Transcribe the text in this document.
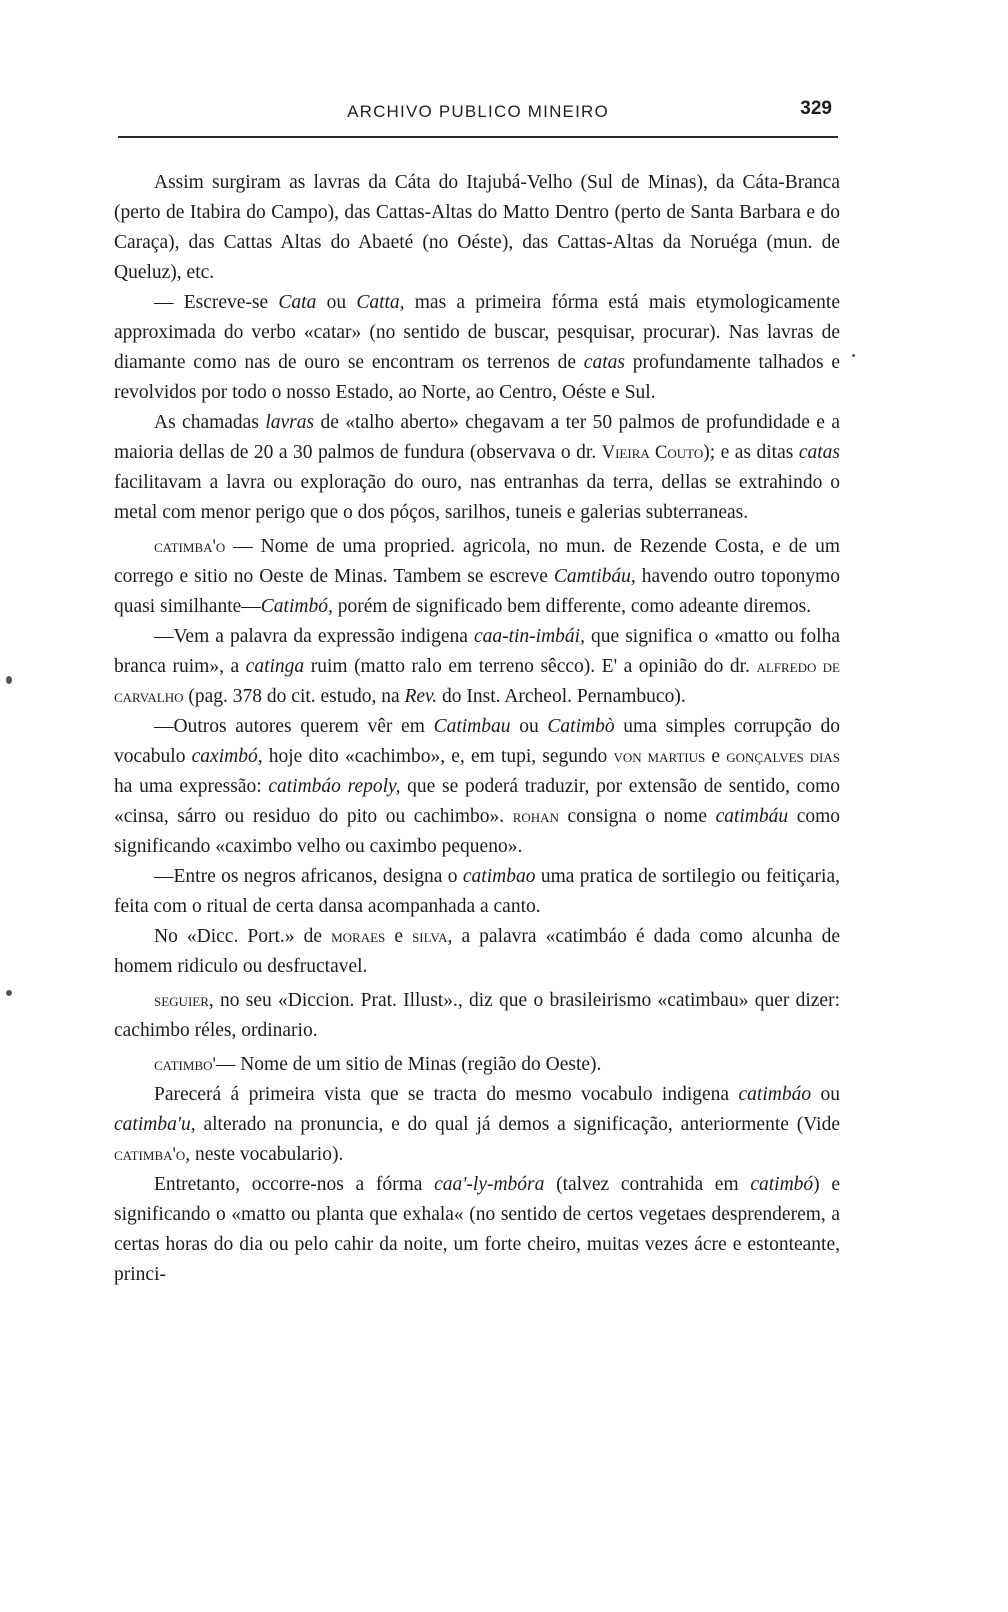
ARCHIVO PUBLICO MINEIRO	329

Assim surgiram as lavras da Cáta do Itajubá-Velho (Sul de Minas), da Cáta-Branca (perto de Itabira do Campo), das Cattas-Altas do Matto Dentro (perto de Santa Barbara e do Caraça), das Cattas Altas do Abaeté (no Oéste), das Cattas-Altas da Noruéga (mun. de Queluz), etc.

— Escreve-se Cata ou Catta, mas a primeira fórma está mais etymologicamente approximada do verbo «catar» (no sentido de buscar, pesquisar, procurar). Nas lavras de diamante como nas de ouro se encontram os terrenos de catas profundamente talhados e revolvidos por todo o nosso Estado, ao Norte, ao Centro, Oéste e Sul.

As chamadas lavras de «talho aberto» chegavam a ter 50 palmos de profundidade e a maioria dellas de 20 a 30 palmos de fundura (observava o dr. Vieira Couto); e as ditas catas facilitavam a lavra ou exploração do ouro, nas entranhas da terra, dellas se extrahindo o metal com menor perigo que o dos póços, sarilhos, tuneis e galerias subterraneas.

catimba'o — Nome de uma propried. agricola, no mun. de Rezende Costa, e de um corrego e sitio no Oeste de Minas. Tambem se escreve Camtibáu, havendo outro toponymo quasi similhante—Catimbó, porém de significado bem differente, como adeante diremos.

—Vem a palavra da expressão indigena caa-tin-imbái, que significa o «matto ou folha branca ruim», a catinga ruim (matto ralo em terreno sêcco). E' a opinião do dr. alfredo de carvalho (pag. 378 do cit. estudo, na Rev. do Inst. Archeol. Pernambuco).

—Outros autores querem vêr em Catimbau ou Catimbò uma simples corrupção do vocabulo caximbó, hoje dito «cachimbo», e, em tupi, segundo von martius e gonçalves dias ha uma expressão: catimbáo repoly, que se poderá traduzir, por extensão de sentido, como «cinsa, sárro ou residuo do pito ou cachimbo». rohan consigna o nome catimbáu como significando «caximbo velho ou caximbo pequeno».

—Entre os negros africanos, designa o catimbao uma pratica de sortilegio ou feitiçaria, feita com o ritual de certa dansa acompanhada a canto.

No «Dicc. Port.» de moraes e silva, a palavra «catimbáo é dada como alcunha de homem ridiculo ou desfructavel.

seguier, no seu «Diccion. Prat. Illust»., diz que o brasileirismo «catimbau» quer dizer: cachimbo réles, ordinario.

catimbo'— Nome de um sitio de Minas (região do Oeste).

Parecerá á primeira vista que se tracta do mesmo vocabulo indigena catimbáo ou catimba'u, alterado na pronuncia, e do qual já demos a significação, anteriormente (Vide catimba'o, neste vocabulario).

Entretanto, occorre-nos a fórma caa'-ly-mbóra (talvez contrahida em catimbó) e significando o «matto ou planta que exhala« (no sentido de certos vegetaes desprenderem, a certas horas do dia ou pelo cahir da noite, um forte cheiro, muitas vezes ácre e estonteante, princi-
